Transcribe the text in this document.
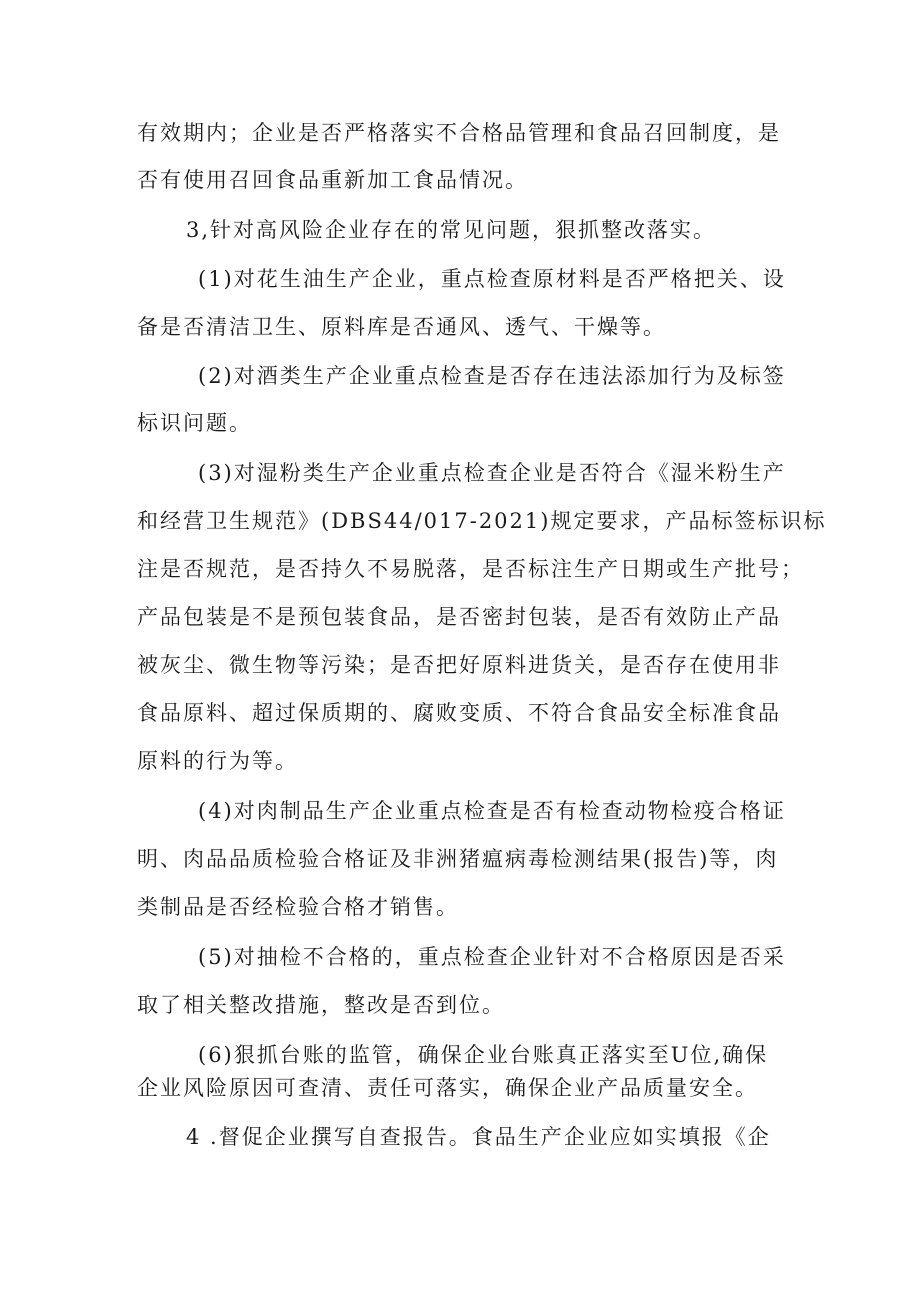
有效期内；企业是否严格落实不合格品管理和食品召回制度，是
否有使用召回食品重新加工食品情况。
3,针对高风险企业存在的常见问题，狠抓整改落实。
(1)对花生油生产企业，重点检查原材料是否严格把关、设
备是否清洁卫生、原料库是否通风、透气、干燥等。
(2)对酒类生产企业重点检查是否存在违法添加行为及标签
标识问题。
(3)对湿粉类生产企业重点检查企业是否符合《湿米粉生产
和经营卫生规范》(DBS44/017-2021)规定要求，产品标签标识标
注是否规范，是否持久不易脱落，是否标注生产日期或生产批号；
产品包装是不是预包装食品，是否密封包装，是否有效防止产品
被灰尘、微生物等污染；是否把好原料进货关，是否存在使用非
食品原料、超过保质期的、腐败变质、不符合食品安全标准食品
原料的行为等。
(4)对肉制品生产企业重点检查是否有检查动物检疫合格证
明、肉品品质检验合格证及非洲猪瘟病毒检测结果(报告)等，肉
类制品是否经检验合格才销售。
(5)对抽检不合格的，重点检查企业针对不合格原因是否采
取了相关整改措施，整改是否到位。
(6)狠抓台账的监管，确保企业台账真正落实至U位,确保
企业风险原因可查清、责任可落实，确保企业产品质量安全。
4 .督促企业撰写自查报告。食品生产企业应如实填报《企
